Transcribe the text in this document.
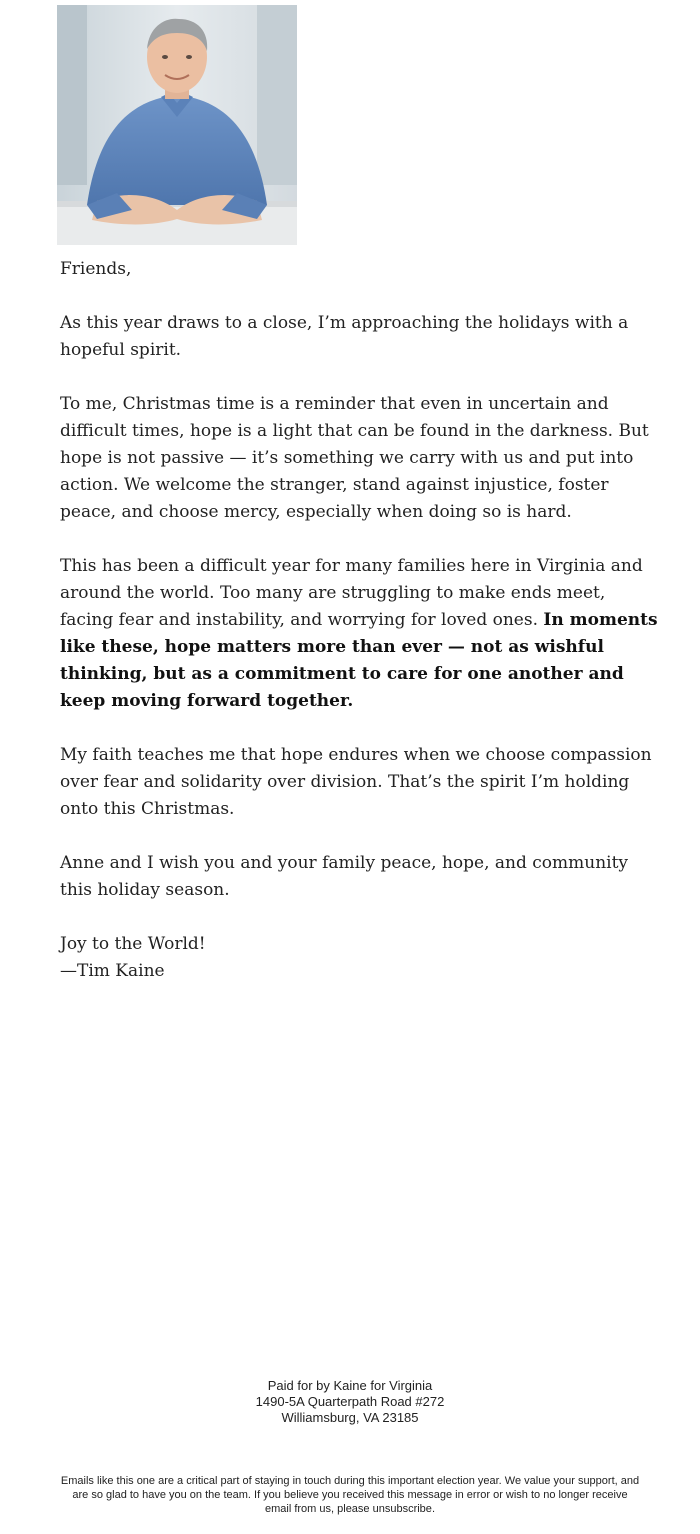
Friends,

As this year draws to a close, I’m approaching the holidays with a hopeful spirit.

To me, Christmas time is a reminder that even in uncertain and difficult times, hope is a light that can be found in the darkness. But hope is not passive — it’s something we carry with us and put into action. We welcome the stranger, stand against injustice, foster peace, and choose mercy, especially when doing so is hard.

This has been a difficult year for many families here in Virginia and around the world. Too many are struggling to make ends meet, facing fear and instability, and worrying for loved ones. In moments like these, hope matters more than ever — not as wishful thinking, but as a commitment to care for one another and keep moving forward together.

My faith teaches me that hope endures when we choose compassion over fear and solidarity over division. That’s the spirit I’m holding onto this Christmas.

Anne and I wish you and your family peace, hope, and community this holiday season.

Joy to the World!

—Tim Kaine

Paid for by Kaine for Virginia
1490-5A Quarterpath Road #272
Williamsburg, VA 23185
Emails like this one are a critical part of staying in touch during this important election year. We value your support, and are so glad to have you on the team. If you believe you received this message in error or wish to no longer receive email from us, please unsubscribe.
